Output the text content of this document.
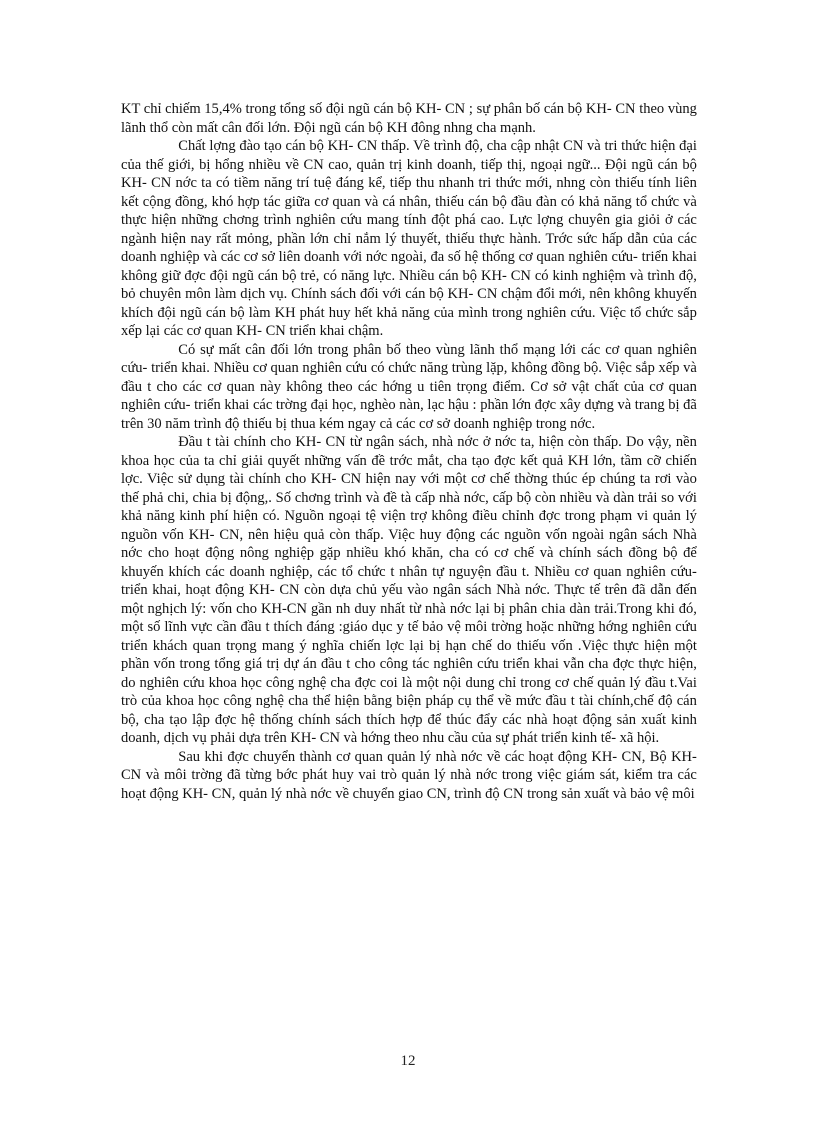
KT chỉ chiếm 15,4% trong tổng số đội ngũ cán bộ KH- CN ; sự phân bố cán bộ KH- CN theo vùng lãnh thổ còn mất cân đối lớn. Đội ngũ cán bộ KH đông nhng cha mạnh.

Chất lợng đào tạo cán bộ KH- CN thấp. Về trình độ, cha cập nhật CN và tri thức hiện đại của thế giới, bị hổng nhiều về CN cao, quản trị kinh doanh, tiếp thị, ngoại ngữ... Đội ngũ cán bộ KH- CN nớc ta có tiềm năng trí tuệ đáng kể, tiếp thu nhanh tri thức mới, nhng còn thiếu tính liên kết cộng đồng, khó hợp tác giữa cơ quan và cá nhân, thiếu cán bộ đầu đàn có khả năng tổ chức và thực hiện những chơng trình nghiên cứu mang tính đột phá cao. Lực lợng chuyên gia giỏi ở các ngành hiện nay rất mỏng, phần lớn chỉ nắm lý thuyết, thiếu thực hành. Trớc sức hấp dẫn của các doanh nghiệp và các cơ sở liên doanh với nớc ngoài, đa số hệ thống cơ quan nghiên cứu- triển khai không giữ đợc đội ngũ cán bộ trẻ, có năng lực. Nhiều cán bộ KH- CN có kinh nghiệm và trình độ, bỏ chuyên môn làm dịch vụ. Chính sách đối với cán bộ KH- CN chậm đổi mới, nên không khuyến khích đội ngũ cán bộ làm KH phát huy hết khả năng của mình trong nghiên cứu. Việc tổ chức sắp xếp lại các cơ quan KH- CN triển khai chậm.

Có sự mất cân đối lớn trong phân bố theo vùng lãnh thổ mạng lới các cơ quan nghiên cứu- triển khai. Nhiều cơ quan nghiên cứu có chức năng trùng lặp, không đồng bộ. Việc sắp xếp và đầu t cho các cơ quan này không theo các hớng u tiên trọng điểm. Cơ sở vật chất của cơ quan nghiên cứu- triển khai các trờng đại học, nghèo nàn, lạc hậu : phần lớn đợc xây dựng và trang bị đã trên 30 năm trình độ thiếu bị thua kém ngay cả các cơ sở doanh nghiệp trong nớc.

Đầu t tài chính cho KH- CN từ ngân sách, nhà nớc ở nớc ta, hiện còn thấp. Do vậy, nền khoa học của ta chỉ giải quyết những vấn đề trớc mắt, cha tạo đợc kết quả KH lớn, tầm cỡ chiến lợc. Việc sử dụng tài chính cho KH- CN hiện nay với một cơ chế thờng thúc ép chúng ta rơi vào thế phả chi, chia bị động,. Số chơng trình và đề tà cấp nhà nớc, cấp bộ còn nhiều và dàn trải so với khả năng kinh phí hiện có. Nguồn ngoại tệ viện trợ không điều chỉnh đợc trong phạm vi quản lý nguồn vốn KH- CN, nên hiệu quả còn thấp. Việc huy động các nguồn vốn ngoài ngân sách Nhà nớc cho hoạt động nông nghiệp gặp nhiều khó khăn, cha có cơ chế và chính sách đồng bộ để khuyến khích các doanh nghiệp, các tổ chức t nhân tự nguyện đầu t. Nhiều cơ quan nghiên cứu- triển khai, hoạt động KH- CN còn dựa chủ yếu vào ngân sách Nhà nớc. Thực tế trên đã dẫn đến một nghịch lý: vốn cho KH-CN gần nh duy nhất từ nhà nớc lại bị phân chia dàn trải.Trong khi đó, một số lĩnh vực cần đầu t thích đáng :giáo dục y tế bảo vệ môi trờng hoặc những hớng nghiên cứu triển khách quan trọng mang ý nghĩa chiến lợc lại bị hạn chế do thiếu vốn .Việc thực hiện một phần vốn trong tổng giá trị dự án đầu t cho công tác nghiên cứu triển khai vẫn cha đợc thực hiện, do nghiên cứu khoa học công nghệ cha đợc coi là một nội dung chỉ trong cơ chế quản lý đầu t.Vai trò của khoa học công nghệ cha thể hiện bằng biện pháp cụ thể về mức đầu t tài chính,chế độ cán bộ, cha tạo lập đợc hệ thống chính sách thích hợp để thúc đẩy các nhà hoạt động sản xuất kinh doanh, dịch vụ phải dựa trên KH- CN và hớng theo nhu cầu của sự phát triển kinh tế- xã hội.

Sau khi đợc chuyển thành cơ quan quản lý nhà nớc về các hoạt động KH- CN, Bộ KH- CN và môi trờng đã từng bớc phát huy vai trò quản lý nhà nớc trong việc giám sát, kiểm tra các hoạt động KH- CN, quản lý nhà nớc về chuyển giao CN, trình độ CN trong sản xuất và bảo vệ môi

12
